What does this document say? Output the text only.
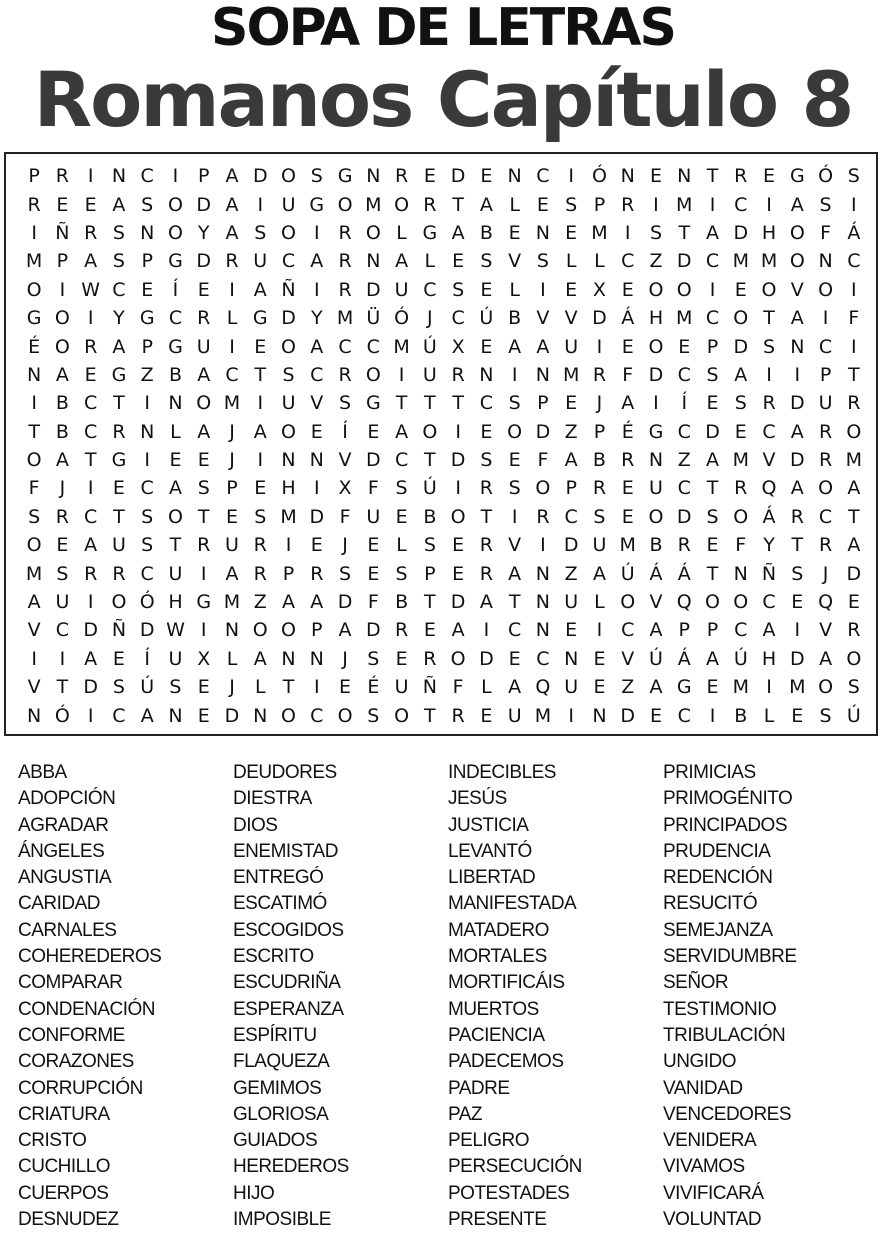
SOPA DE LETRAS
Romanos Capítulo 8
P R I N C I	P A D O S G N R E D E N C I Ó N E N T R E G Ó S
R E E A S O D A I U G O M O R T A L E S P R I M I C I A S	I
I Ñ R S N O Y A S O I R O L G A B E N E M I	S T A D H O F Á
M P A S P G D R U C A R N A L E S V S L L C Z D C M M O N C
O I W C E	Í	E	I A Ñ I R D U C S E L	I	E X E O O I	E O V O I
G O I	Y G C R L G D Y M Ü Ó J C Ú B V V D Á H M C O T A I	F
É O R A P G U I	E O A C C M Ú X E A A U I	E O E P D S N C I
N A E G Z B A C T S C R O I U R N I N M R F D C S A I	I	P T
I B C T	I N O M I U V S G T T T C S P E	J A I	Í	E S R D U R
T B C R N L A J A O E	Í	E A O I	E O D Z P É G C D E C A R O
O A T G I	E E	J	I N N V D C T D S E F A B R N Z A M V D R M
F	J	I	E C A S P E H I X F S Ú I R S O P R E U C T R Q A O A
S R C T S O T E S M D F U E B O T	I R C S E O D S O Á R C T
O E A U S T R U R I	E	J	E L S E R V I D U M B R E F Y T R A
M S R R C U I A R P R S E S P E R A N Z A Ú Á Á T N Ñ S	J D
A U I O Ó H G M Z A A D F B T D A T N U L O V Q O O C E Q E
V C D Ñ D W I N O O P A D R E A I C N E	I C A P P C A I V R
I	I A E	Í U X L A N N J	S E R O D E C N E V Ú Á A Ú H D A O
V T D S Ú S E	J	L T	I	E É U Ñ F L A Q U E Z A G E M I M O S
N Ó I C A N E D N O C O S O T R E U M I N D E C I B L E S Ú
ABBA
ADOPCIÓN
AGRADAR
ÁNGELES
ANGUSTIA
CARIDAD
CARNALES
COHEREDEROS
COMPARAR
CONDENACIÓN
CONFORME
CORAZONES
CORRUPCIÓN
CRIATURA
CRISTO
CUCHILLO
CUERPOS
DESNUDEZ
DEUDORES
DIESTRA
DIOS
ENEMISTAD
ENTREGÓ
ESCATIMÓ
ESCOGIDOS
ESCRITO
ESCUDRIÑA
ESPERANZA
ESPÍRITU
FLAQUEZA
GEMIMOS
GLORIOSA
GUIADOS
HEREDEROS
HIJO
IMPOSIBLE
INDECIBLES
JESÚS
JUSTICIA
LEVANTÓ
LIBERTAD
MANIFESTADA
MATADERO
MORTALES
MORTIFICÁIS
MUERTOS
PACIENCIA
PADECEMOS
PADRE
PAZ
PELIGRO
PERSECUCIÓN
POTESTADES
PRESENTE
PRIMICIAS
PRIMOGÉNITO
PRINCIPADOS
PRUDENCIA
REDENCIÓN
RESUCITÓ
SEMEJANZA
SERVIDUMBRE
SEÑOR
TESTIMONIO
TRIBULACIÓN
UNGIDO
VANIDAD
VENCEDORES
VENIDERA
VIVAMOS
VIVIFICARÁ
VOLUNTAD
